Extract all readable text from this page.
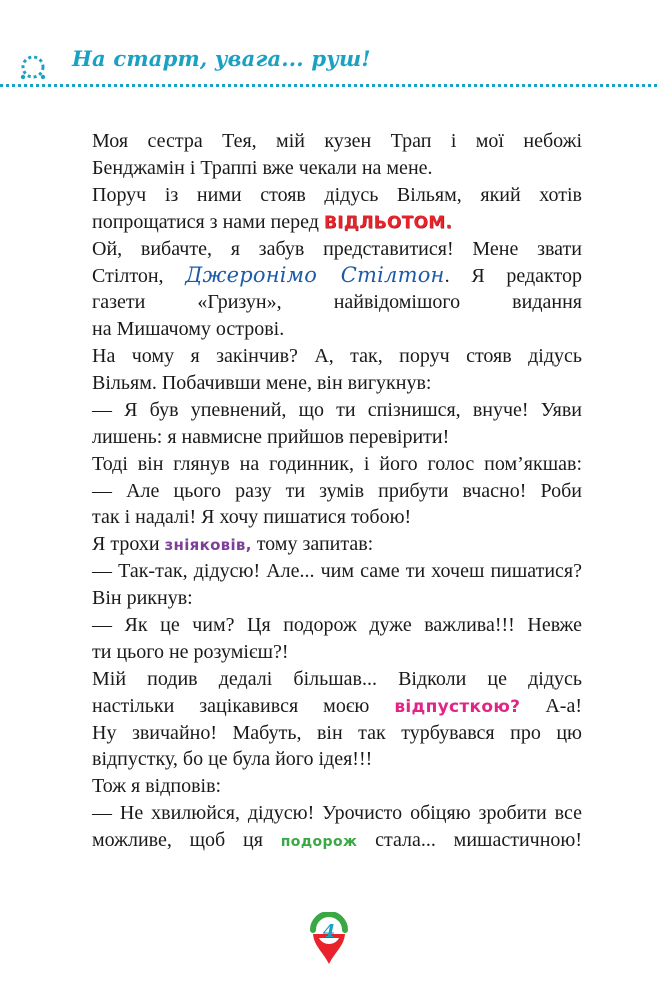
На старт, увага... руш!
Моя сестра Тея, мій кузен Трап і мої небожі
Бенджамін і Траппі вже чекали на мене.
Поруч із ними стояв дідусь Вільям, який хотів
попрощатися з нами перед ВІДЛЬОТОМ.
Ой, вибачте, я забув представитися! Мене звати
Стілтон, Джеронімо Стілтон. Я редактор
газети «Гризун», найвідомішого видання
на Мишачому острові.
На чому я закінчив? А, так, поруч стояв дідусь
Вільям. Побачивши мене, він вигукнув:
— Я був упевнений, що ти спізнишся, внуче! Уяви
лишень: я навмисне прийшов перевірити!
Тоді він глянув на годинник, і його голос пом’якшав:
— Але цього разу ти зумів прибути вчасно! Роби
так і надалі! Я хочу пишатися тобою!
Я трохи зніяковів, тому запитав:
— Так-так, дідусю! Але... чим саме ти хочеш пишатися?
Він рикнув:
— Як це чим? Ця подорож дуже важлива!!! Невже
ти цього не розумієш?!
Мій подив дедалі більшав... Відколи це дідусь
настільки зацікавився моєю відпусткою? А-а!
Ну звичайно! Мабуть, він так турбувався про цю
відпустку, бо це була його ідея!!!
Тож я відповів:
— Не хвилюйся, дідусю! Урочисто обіцяю зробити все
можливе, щоб ця подорож стала... мишастичною!
4
